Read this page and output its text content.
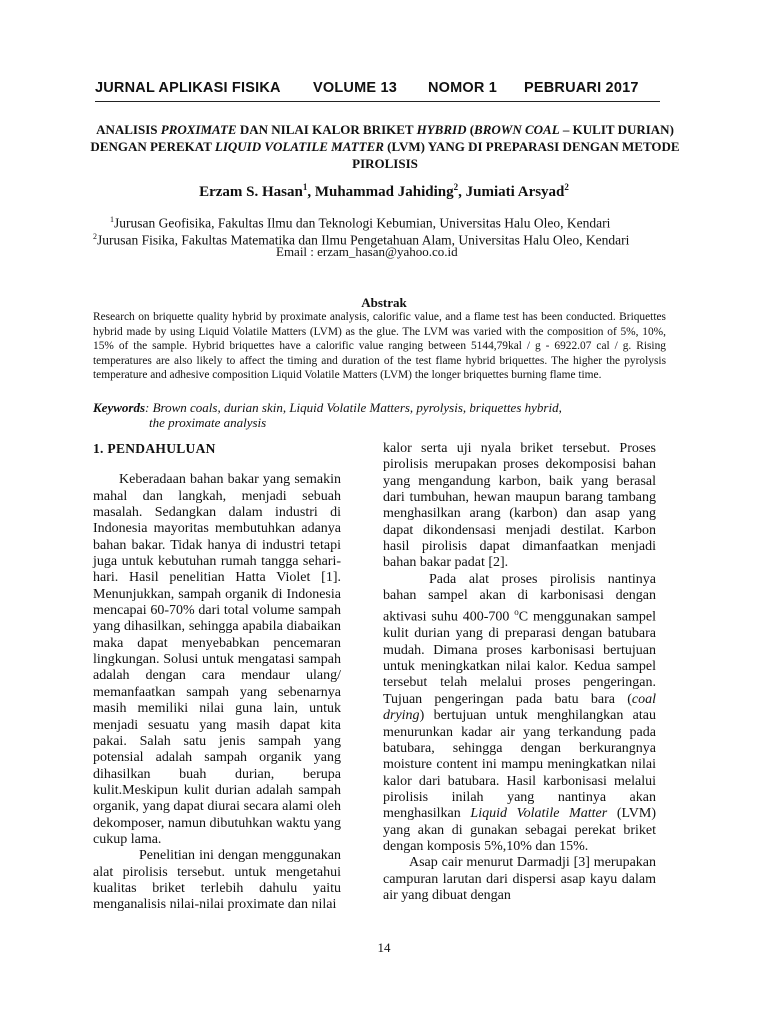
JURNAL APLIKASI FISIKA VOLUME 13 NOMOR 1 PEBRUARI 2017
ANALISIS PROXIMATE DAN NILAI KALOR BRIKET HYBRID (BROWN COAL – KULIT DURIAN) DENGAN PEREKAT LIQUID VOLATILE MATTER (LVM) YANG DI PREPARASI DENGAN METODE PIROLISIS
Erzam S. Hasan$^1$, Muhammad Jahiding$^2$, Jumiati Arsyad$^2$
$^1$Jurusan Geofisika, Fakultas Ilmu dan Teknologi Kebumian, Universitas Halu Oleo, Kendari
$^2$Jurusan Fisika, Fakultas Matematika dan Ilmu Pengetahuan Alam, Universitas Halu Oleo, Kendari
Email : erzam_hasan@yahoo.co.id
Abstrak
Research on briquette quality hybrid by proximate analysis, calorific value, and a flame test has been conducted. Briquettes hybrid made by using Liquid Volatile Matters (LVM) as the glue. The LVM was varied with the composition of 5%, 10%, 15% of the sample. Hybrid briquettes have a calorific value ranging between 5144,79kal / g - 6922.07 cal / g. Rising temperatures are also likely to affect the timing and duration of the test flame hybrid briquettes. The higher the pyrolysis temperature and adhesive composition Liquid Volatile Matters (LVM) the longer briquettes burning flame time.
Keywords: Brown coals, durian skin, Liquid Volatile Matters, pyrolysis, briquettes hybrid,
the proximate analysis
1. PENDAHULUAN

Keberadaan bahan bakar yang semakin mahal dan langkah, menjadi sebuah masalah. Sedangkan dalam industri di Indonesia mayoritas membutuhkan adanya bahan bakar. Tidak hanya di industri tetapi juga untuk kebutuhan rumah tangga sehari-hari. Hasil penelitian Hatta Violet [1]. Menunjukkan, sampah organik di Indonesia mencapai 60-70% dari total volume sampah yang dihasilkan, sehingga apabila diabaikan maka dapat menyebabkan pencemaran lingkungan. Solusi untuk mengatasi sampah adalah dengan cara mendaur ulang/ memanfaatkan sampah yang sebenarnya masih memiliki nilai guna lain, untuk menjadi sesuatu yang masih dapat kita pakai. Salah satu jenis sampah yang potensial adalah sampah organik yang dihasilkan buah durian, berupa kulit.Meskipun kulit durian adalah sampah organik, yang dapat diurai secara alami oleh dekomposer, namun dibutuhkan waktu yang cukup lama.

Penelitian ini dengan menggunakan alat pirolisis tersebut. untuk mengetahui kualitas briket terlebih dahulu yaitu menganalisis nilai-nilai proximate dan nilai

kalor serta uji nyala briket tersebut. Proses pirolisis merupakan proses dekomposisi bahan yang mengandung karbon, baik yang berasal dari tumbuhan, hewan maupun barang tambang menghasilkan arang (karbon) dan asap yang dapat dikondensasi menjadi destilat. Karbon hasil pirolisis dapat dimanfaatkan menjadi bahan bakar padat [2].

Pada alat proses pirolisis nantinya bahan sampel akan di karbonisasi dengan aktivasi suhu 400-700 $^o$C menggunakan sampel kulit durian yang di preparasi dengan batubara mudah. Dimana proses karbonisasi bertujuan untuk meningkatkan nilai kalor. Kedua sampel tersebut telah melalui proses pengeringan. Tujuan pengeringan pada batu bara (coal drying) bertujuan untuk menghilangkan atau menurunkan kadar air yang terkandung pada batubara, sehingga dengan berkurangnya moisture content ini mampu meningkatkan nilai kalor dari batubara. Hasil karbonisasi melalui pirolisis inilah yang nantinya akan menghasilkan Liquid Volatile Matter (LVM) yang akan di gunakan sebagai perekat briket dengan komposis 5%,10% dan 15%.

Asap cair menurut Darmadji [3] merupakan campuran larutan dari dispersi asap kayu dalam air yang dibuat dengan

14
